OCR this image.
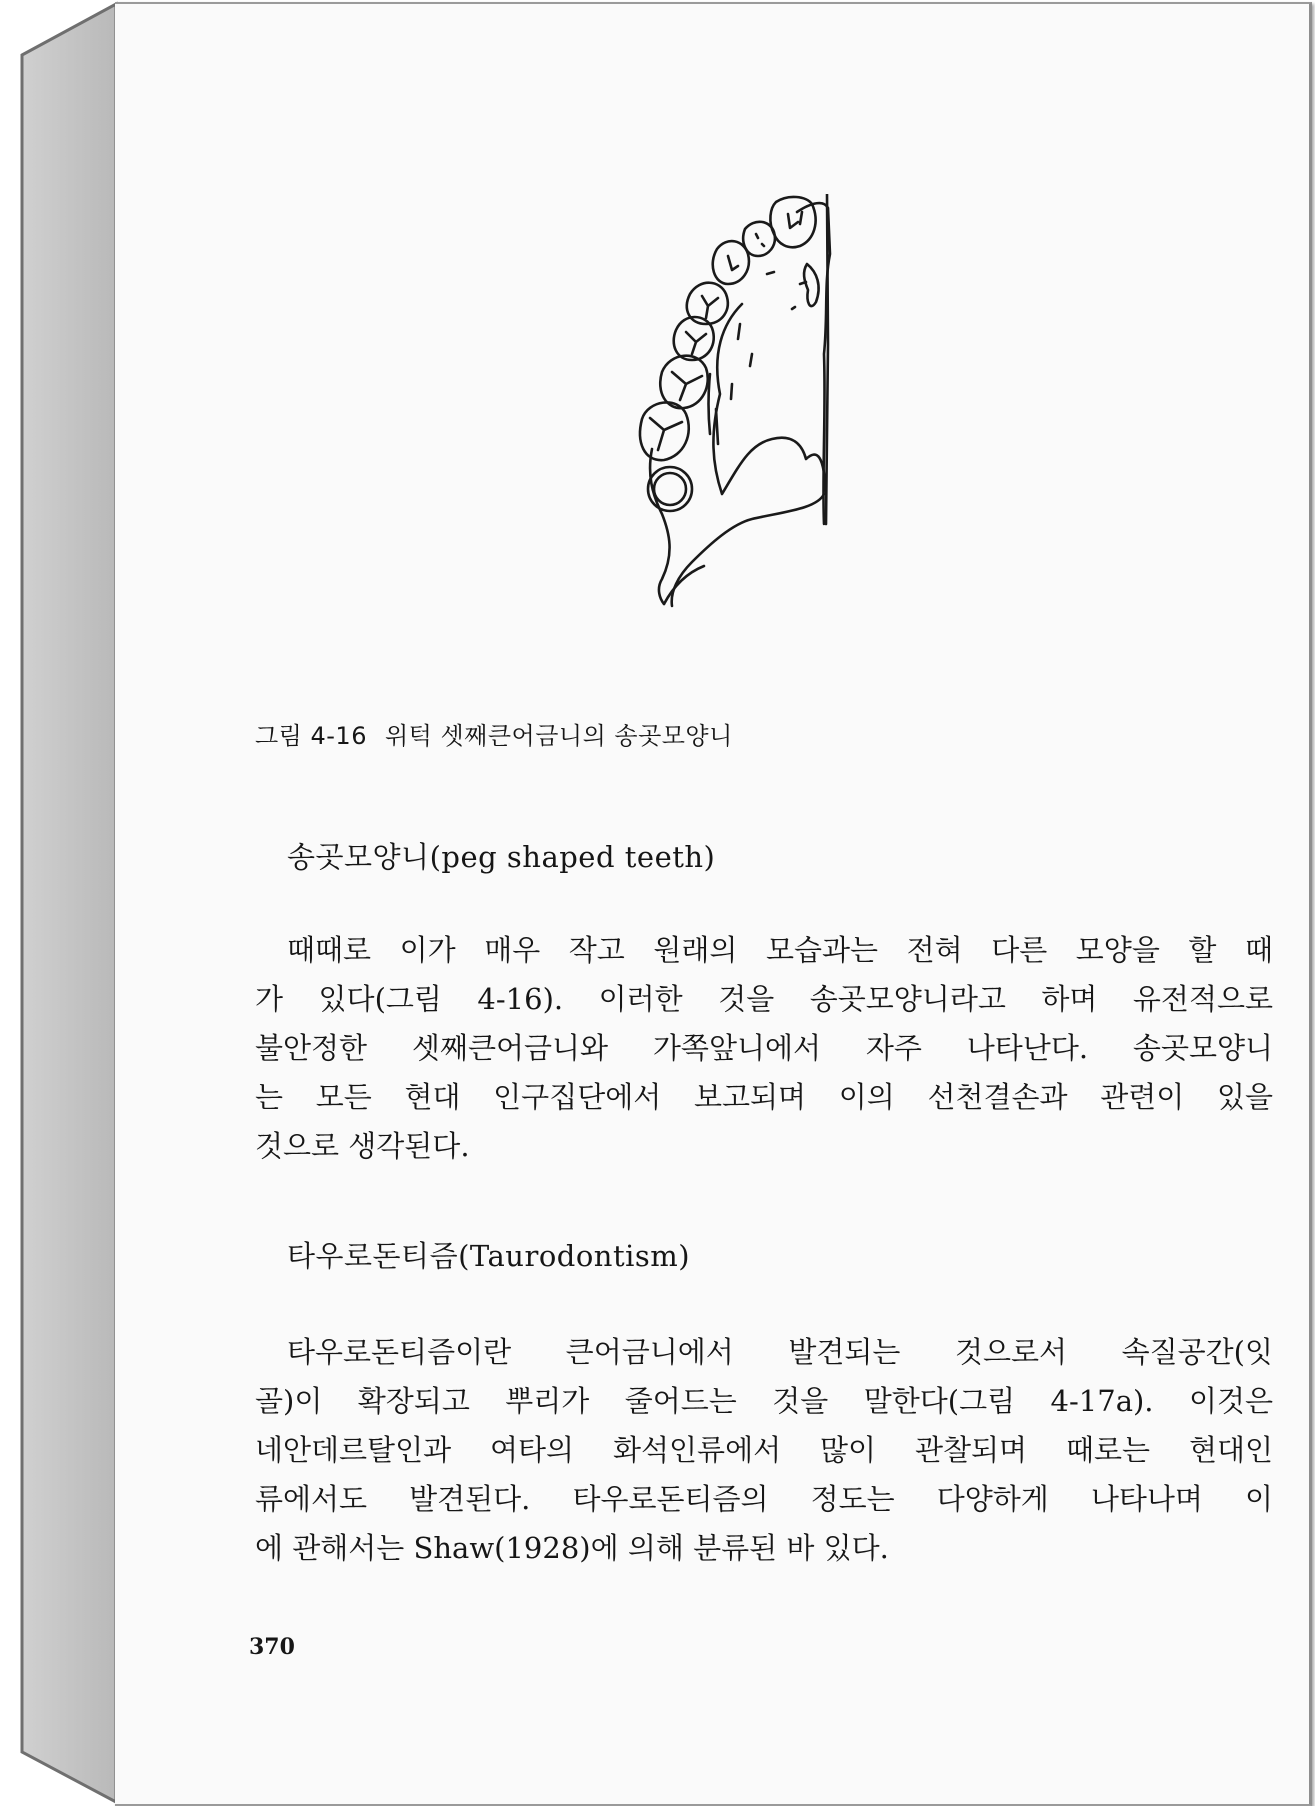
그림 4-16 위턱 셋째큰어금니의 송곳모양니
송곳모양니(peg shaped teeth)
때때로 이가 매우 작고 원래의 모습과는 전혀 다른 모양을 할 때
가 있다(그림 4-16). 이러한 것을 송곳모양니라고 하며 유전적으로
불안정한 셋째큰어금니와 가쪽앞니에서 자주 나타난다. 송곳모양니
는 모든 현대 인구집단에서 보고되며 이의 선천결손과 관련이 있을
것으로 생각된다.
타우로돈티즘(Taurodontism)
타우로돈티즘이란 큰어금니에서 발견되는 것으로서 속질공간(잇
골)이 확장되고 뿌리가 줄어드는 것을 말한다(그림 4-17a). 이것은
네안데르탈인과 여타의 화석인류에서 많이 관찰되며 때로는 현대인
류에서도 발견된다. 타우로돈티즘의 정도는 다양하게 나타나며 이
에 관해서는 Shaw(1928)에 의해 분류된 바 있다.
370
